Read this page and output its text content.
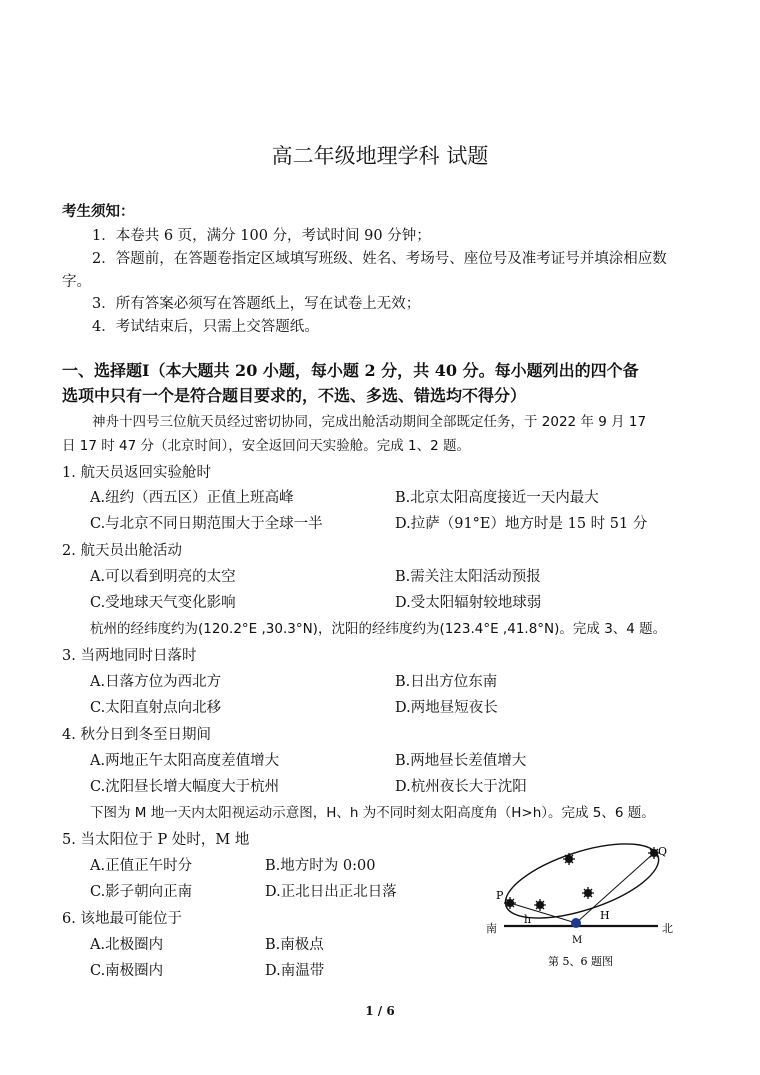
高二年级地理学科 试题
考生须知：
1．本卷共 6 页，满分 100 分，考试时间 90 分钟；
2．答题前，在答题卷指定区域填写班级、姓名、考场号、座位号及准考证号并填涂相应数
字。
3．所有答案必须写在答题纸上，写在试卷上无效；
4．考试结束后，只需上交答题纸。
一、选择题Ⅰ（本大题共 20 小题，每小题 2 分，共 40 分。每小题列出的四个备
选项中只有一个是符合题目要求的，不选、多选、错选均不得分）
神舟十四号三位航天员经过密切协同，完成出舱活动期间全部既定任务，于 2022 年 9 月 17
日 17 时 47 分（北京时间），安全返回问天实验舱。完成 1、2 题。
1. 航天员返回实验舱时
A.纽约（西五区）正值上班高峰	B.北京太阳高度接近一天内最大
C.与北京不同日期范围大于全球一半	D.拉萨（91°E）地方时是 15 时 51 分
2. 航天员出舱活动
A.可以看到明亮的太空	B.需关注太阳活动预报
C.受地球天气变化影响	D.受太阳辐射较地球弱
杭州的经纬度约为(120.2°E ,30.3°N)，沈阳的经纬度约为(123.4°E ,41.8°N)。完成 3、4 题。
3. 当两地同时日落时
A.日落方位为西北方	B.日出方位东南
C.太阳直射点向北移	D.两地昼短夜长
4. 秋分日到冬至日期间
A.两地正午太阳高度差值增大	B.两地昼长差值增大
C.沈阳昼长增大幅度大于杭州	D.杭州夜长大于沈阳
下图为 M 地一天内太阳视运动示意图，H、h 为不同时刻太阳高度角（H>h）。完成 5、6 题。
5. 当太阳位于 P 处时，M 地
A.正值正午时分	B.地方时为 0:00
C.影子朝向正南	D.正北日出正北日落
6. 该地最可能位于
A.北极圈内	B.南极点
C.南极圈内	D.南温带
P
Q
h	H
M
南	北
第 5、6 题图
1 / 6
